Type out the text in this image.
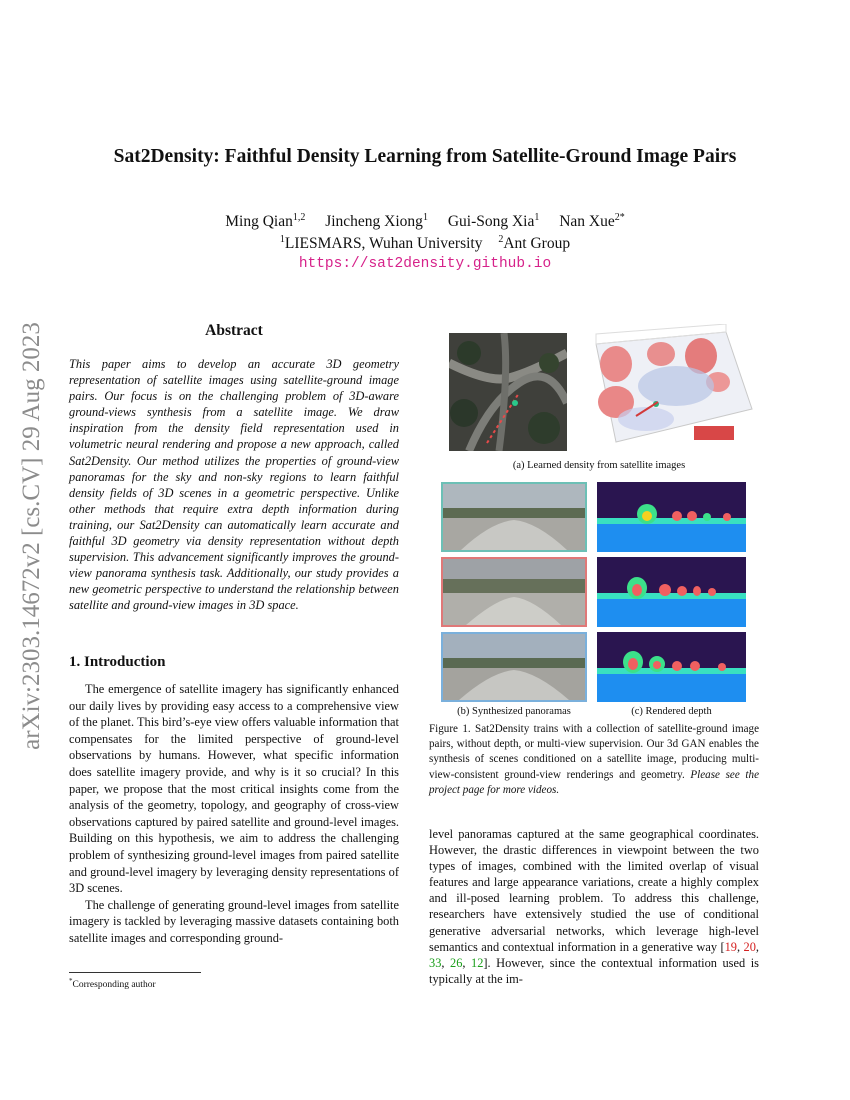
Sat2Density: Faithful Density Learning from Satellite-Ground Image Pairs
Ming Qian$^{1,2}$ Jincheng Xiong$^1$ Gui-Song Xia$^1$ Nan Xue$^{2*}$
$^1$LIESMARS, Wuhan University $^2$Ant Group
https://sat2density.github.io
arXiv:2303.14672v2 [cs.CV] 29 Aug 2023	Abstract
This paper aims to develop an accurate 3D geometry representation of satellite images using satellite-ground image pairs. Our focus is on the challenging problem of 3D-aware ground-views synthesis from a satellite image. We draw inspiration from the density field representation used in volumetric neural rendering and propose a new approach, called Sat2Density. Our method utilizes the properties of ground-view panoramas for the sky and non-sky regions to learn faithful density fields of 3D scenes in a geometric perspective. Unlike other methods that require extra depth information during training, our Sat2Density can automatically learn accurate and faithful 3D geometry via density representation without depth supervision. This advancement significantly improves the ground-view panorama synthesis task. Additionally, our study provides a new geometric perspective to understand the relationship between satellite and ground-view images in 3D space.
1. Introduction

The emergence of satellite imagery has significantly enhanced our daily lives by providing easy access to a comprehensive view of the planet. This bird’s-eye view offers valuable information that compensates for the limited perspective of ground-level observations by humans. However, what specific information does satellite imagery provide, and why is it so crucial? In this paper, we propose that the most critical insights come from the analysis of the geometry, topology, and geography of cross-view observations captured by paired satellite and ground-level images. Building on this hypothesis, we aim to address the challenging problem of synthesizing ground-level images from paired satellite and ground-level imagery by leveraging density representations of 3D scenes.

The challenge of generating ground-level images from satellite imagery is tackled by leveraging massive datasets containing both satellite images and corresponding ground-

*Corresponding author
(a) Learned density from satellite images
(b) Synthesized panoramas	(c) Rendered depth
Figure 1. Sat2Density trains with a collection of satellite-ground image pairs, without depth, or multi-view supervision. Our 3d GAN enables the synthesis of scenes conditioned on a satellite image, producing multi-view-consistent ground-view renderings and geometry. Please see the project page for more videos.
level panoramas captured at the same geographical coordinates. However, the drastic differences in viewpoint between the two types of images, combined with the limited overlap of visual features and large appearance variations, create a highly complex and ill-posed learning problem. To address this challenge, researchers have extensively studied the use of conditional generative adversarial networks, which leverage high-level semantics and contextual information in a generative way [19, 20, 33, 26, 12]. However, since the contextual information used is typically at the im-
